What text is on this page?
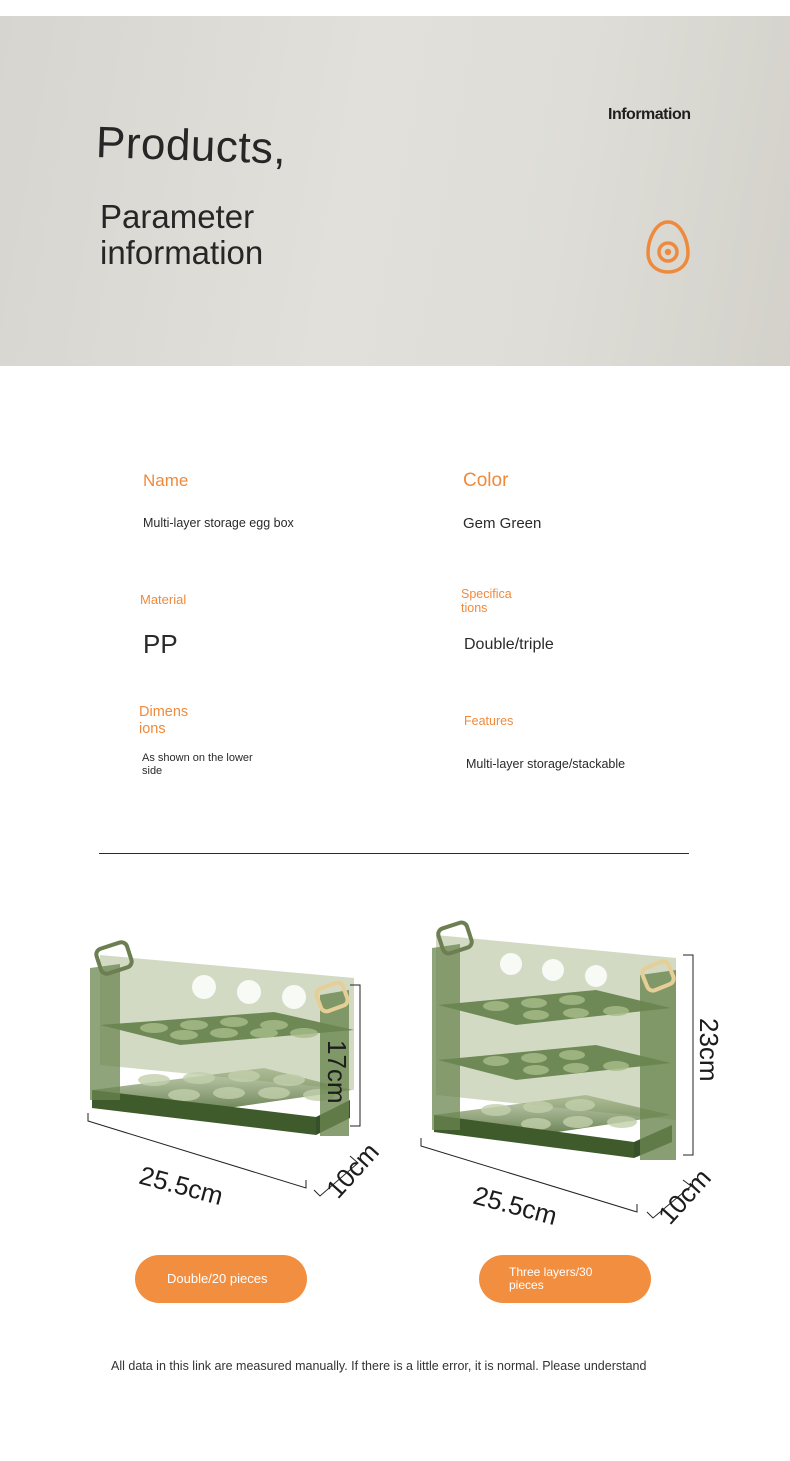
Products,
Parameter
information
Information
Name
Multi-layer storage egg box
Color
Gem Green
Material
PP
Specifica
tions
Double/triple
Dimens
ions
As shown on the lower
side
Features
Multi-layer storage/stackable
17cm
25.5cm	10cm
23cm
25.5cm	10cm
Double/20 pieces	Three layers/30
pieces
All data in this link are measured manually. If there is a little error, it is normal. Please understand
